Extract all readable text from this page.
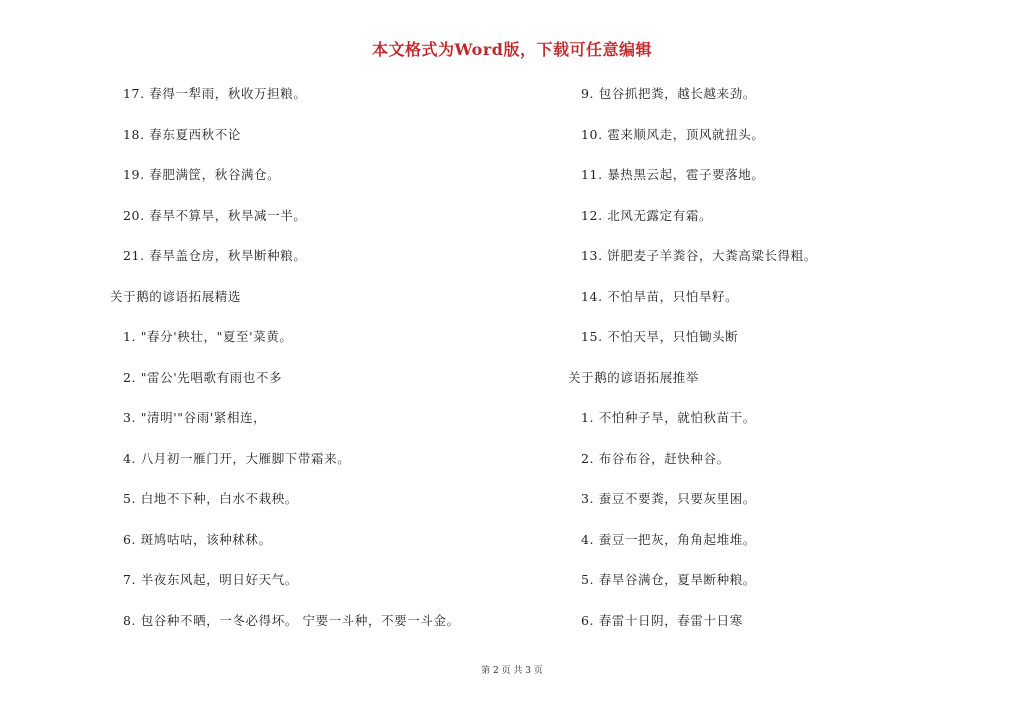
本文格式为Word版，下载可任意编辑
17. 春得一犁雨，秋收万担粮。
18. 春东夏西秋不论
19. 春肥满筐，秋谷满仓。
20. 春旱不算旱，秋旱减一半。
21. 春旱盖仓房，秋旱断种粮。
关于鹅的谚语拓展精选
1. "春分'秧壮，"夏至'菜黄。
2. "雷公'先唱歌有雨也不多
3. "清明'"谷雨'紧相连，
4. 八月初一雁门开，大雁脚下带霜来。
5. 白地不下种，白水不栽秧。
6. 斑鸠咕咕，该种秫秫。
7. 半夜东风起，明日好天气。
8. 包谷种不晒，一冬必得坏。 宁要一斗种，不要一斗金。
9. 包谷抓把粪，越长越来劲。
10. 雹来顺风走，顶风就扭头。
11. 暴热黑云起，雹子要落地。
12. 北风无露定有霜。
13. 饼肥麦子羊粪谷，大粪高粱长得粗。
14. 不怕旱苗，只怕旱籽。
15. 不怕天旱，只怕锄头断
关于鹅的谚语拓展推举
1. 不怕种子旱，就怕秋苗干。
2. 布谷布谷，赶快种谷。
3. 蚕豆不要粪，只要灰里困。
4. 蚕豆一把灰，角角起堆堆。
5. 春旱谷满仓，夏旱断种粮。
6. 春雷十日阴，春雷十日寒
第 2 页 共 3 页
